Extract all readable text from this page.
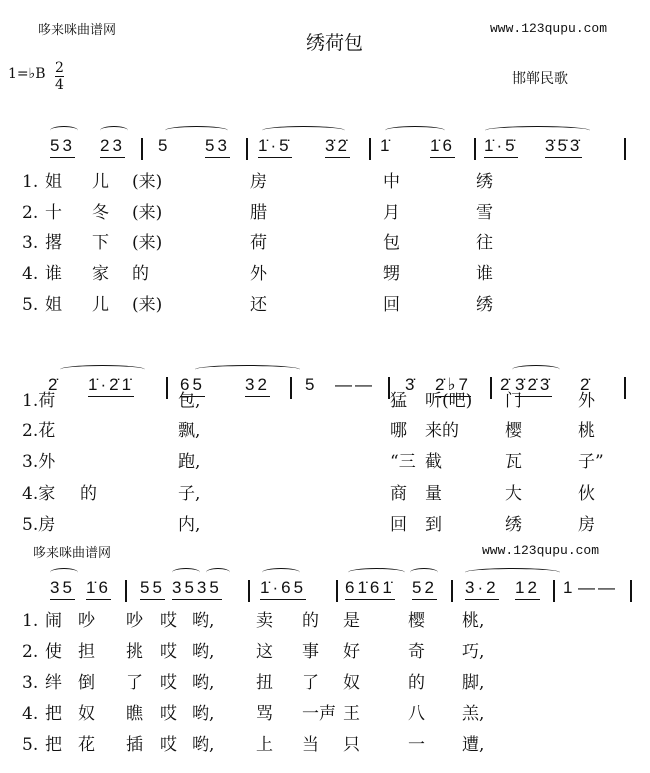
哆来咪曲谱网
绣荷包
www.123qupu.com
1=♭B 2
4	邯郸民歌
哆来咪曲谱网	www.123qupu.com
53 23 5 53 1̇·5̇ 3̇2̇ 1̇ 1̇6 1̇·5̇ 3̇5̇3̇
1. 姐 儿 (来)	房	中	绣
2. 十 冬 (来)	腊	月	雪
3. 撂 下 (来)	荷	包	往
4. 谁 家 的	外	甥	谁
5. 姐 儿 (来)	还	回	绣
2̇ 1̇·2̇1̇	65 32 5 —— 3̇ 2̇♭7 2̇ 3̇2̇3̇ 2̇
1.荷	包,	猛 听(吧) 门	外
2.花	飘,	哪 来的	樱	桃
3.外	跑,	“三 截	瓦	子”
4.家 的	子,	商 量	大	伙
5.房	内,	回 到	绣	房
35 1̇6 55 3535 1̇·65 61̇61̇ 52 3·2 12 1 ——
1. 闹 吵 吵 哎 哟, 卖 的 是	樱 桃,
2. 使 担 挑 哎 哟, 这 事 好	奇 巧,
3. 绊 倒 了 哎 哟, 扭 了 奴	的 脚,
4. 把 奴 瞧 哎 哟, 骂 一声 王	八 羔,
5. 把 花 插 哎 哟, 上 当 只	一 遭,
